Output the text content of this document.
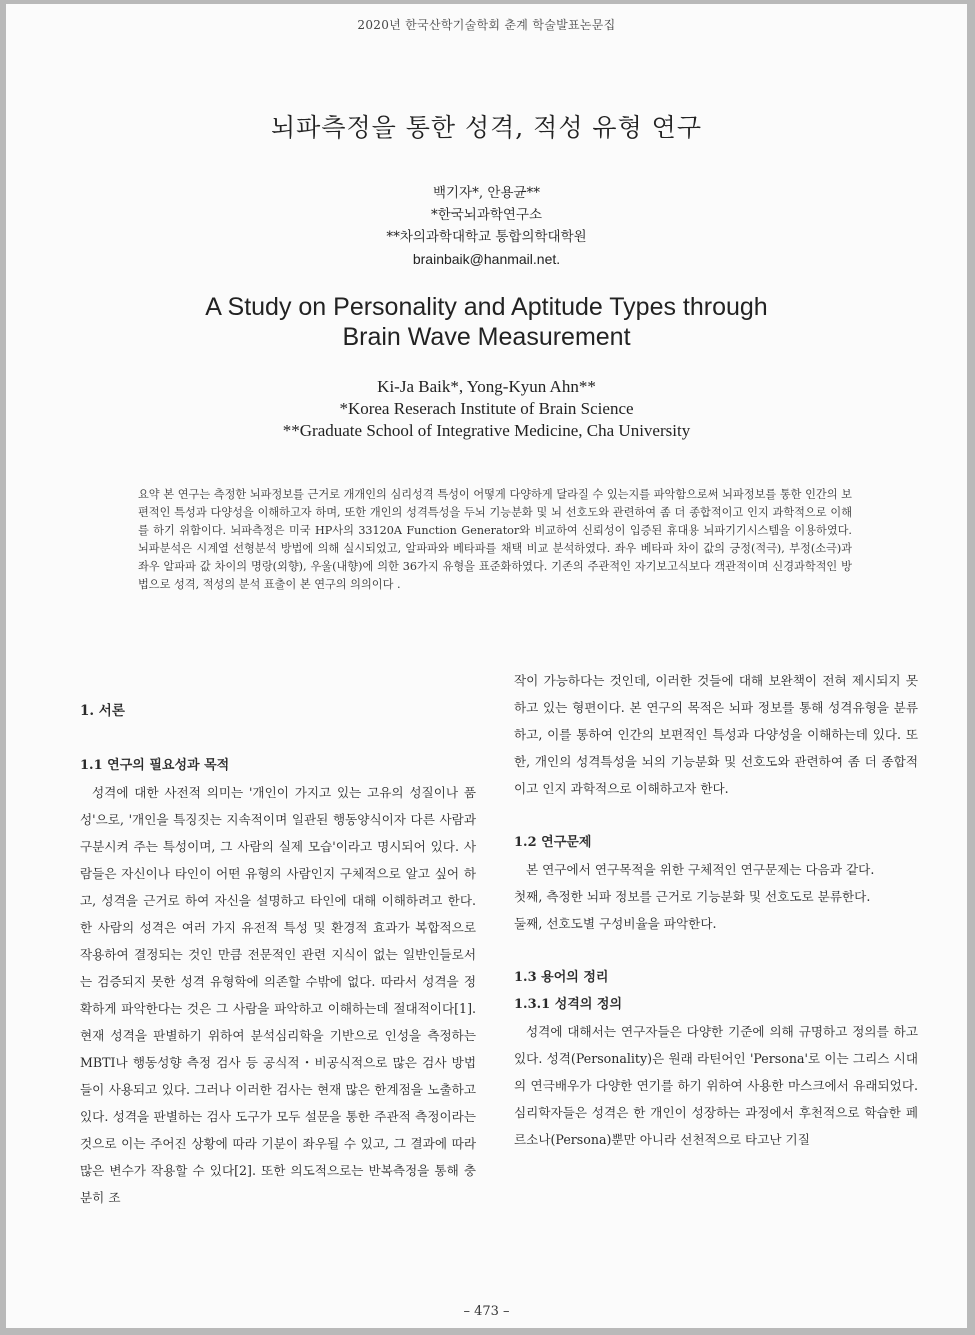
2020년 한국산학기술학회 춘계 학술발표논문집
뇌파측정을 통한 성격, 적성 유형 연구
백기자*, 안용균**
*한국뇌과학연구소
**차의과학대학교 통합의학대학원
brainbaik@hanmail.net.
A Study on Personality and Aptitude Types through
Brain Wave Measurement
Ki-Ja Baik*, Yong-Kyun Ahn**
*Korea Reserach Institute of Brain Science
**Graduate School of Integrative Medicine, Cha University
요약 본 연구는 측정한 뇌파정보를 근거로 개개인의 심리성격 특성이 어떻게 다양하게 달라질 수 있는지를 파악함으로써 뇌파정보를 통한 인간의 보편적인 특성과 다양성을 이해하고자 하며, 또한 개인의 성격특성을 두뇌 기능분화 및 뇌 선호도와 관련하여 좀 더 종합적이고 인지 과학적으로 이해를 하기 위함이다. 뇌파측정은 미국 HP사의 33120A Function Generator와 비교하여 신뢰성이 입증된 휴대용 뇌파기기시스템을 이용하였다. 뇌파분석은 시계열 선형분석 방법에 의해 실시되었고, 알파파와 베타파를 채택 비교 분석하였다. 좌우 베타파 차이 값의 긍정(적극), 부정(소극)과 좌우 알파파 값 차이의 명랑(외향), 우울(내향)에 의한 36가지 유형을 표준화하였다. 기존의 주관적인 자기보고식보다 객관적이며 신경과학적인 방법으로 성격, 적성의 분석 표출이 본 연구의 의의이다 .

1. 서론

1.1 연구의 필요성과 목적

성격에 대한 사전적 의미는 '개인이 가지고 있는 고유의 성질이나 품성'으로, '개인을 특징짓는 지속적이며 일관된 행동양식이자 다른 사람과 구분시켜 주는 특성이며, 그 사람의 실제 모습'이라고 명시되어 있다. 사람들은 자신이나 타인이 어떤 유형의 사람인지 구체적으로 알고 싶어 하고, 성격을 근거로 하여 자신을 설명하고 타인에 대해 이해하려고 한다. 한 사람의 성격은 여러 가지 유전적 특성 및 환경적 효과가 복합적으로 작용하여 결정되는 것인 만큼 전문적인 관련 지식이 없는 일반인들로서는 검증되지 못한 성격 유형학에 의존할 수밖에 없다. 따라서 성격을 정확하게 파악한다는 것은 그 사람을 파악하고 이해하는데 절대적이다[1]. 현재 성격을 판별하기 위하여 분석심리학을 기반으로 인성을 측정하는 MBTI나 행동성향 측정 검사 등 공식적・비공식적으로 많은 검사 방법들이 사용되고 있다. 그러나 이러한 검사는 현재 많은 한계점을 노출하고 있다. 성격을 판별하는 검사 도구가 모두 설문을 통한 주관적 측정이라는 것으로 이는 주어진 상황에 따라 기분이 좌우될 수 있고, 그 결과에 따라 많은 변수가 작용할 수 있다[2]. 또한 의도적으로는 반복측정을 통해 충분히 조

작이 가능하다는 것인데, 이러한 것들에 대해 보완책이 전혀 제시되지 못하고 있는 형편이다. 본 연구의 목적은 뇌파 정보를 통해 성격유형을 분류하고, 이를 통하여 인간의 보편적인 특성과 다양성을 이해하는데 있다. 또한, 개인의 성격특성을 뇌의 기능분화 및 선호도와 관련하여 좀 더 종합적이고 인지 과학적으로 이해하고자 한다.

1.2 연구문제

본 연구에서 연구목적을 위한 구체적인 연구문제는 다음과 같다.

첫째, 측정한 뇌파 정보를 근거로 기능분화 및 선호도로 분류한다.

둘째, 선호도별 구성비율을 파악한다.

1.3 용어의 정리

1.3.1 성격의 정의

성격에 대해서는 연구자들은 다양한 기준에 의해 규명하고 정의를 하고 있다. 성격(Personality)은 원래 라틴어인 'Persona'로 이는 그리스 시대의 연극배우가 다양한 연기를 하기 위하여 사용한 마스크에서 유래되었다. 심리학자들은 성격은 한 개인이 성장하는 과정에서 후천적으로 학습한 페르소나(Persona)뿐만 아니라 선천적으로 타고난 기질

– 473 –
